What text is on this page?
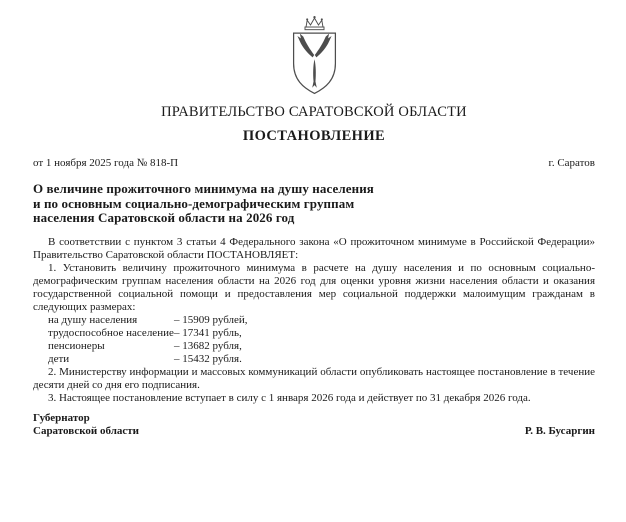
ПРАВИТЕЛЬСТВО САРАТОВСКОЙ ОБЛАСТИ
ПОСТАНОВЛЕНИЕ
от 1 ноября 2025 года № 818-П	г. Саратов
О величине прожиточного минимума на душу населения
и по основным социально-демографическим группам
населения Саратовской области на 2026 год

В соответствии с пунктом 3 статьи 4 Федерального закона «О прожиточном минимуме в Российской Федерации» Правительство Саратовской области ПОСТАНОВЛЯЕТ:

1. Установить величину прожиточного минимума в расчете на душу населения и по основным социально-демографическим группам населения области на 2026 год для оценки уровня жизни населения области и оказания государственной социальной помощи и предоставления мер социальной поддержки малоимущим гражданам в следующих размерах:

на душу населения	– 15909 рублей,
трудоспособное население– 17341 рубль,
пенсионеры	– 13682 рубля,
дети	– 15432 рубля.

2. Министерству информации и массовых коммуникаций области опубликовать настоящее постановление в течение десяти дней со дня его подписания.

3. Настоящее постановление вступает в силу с 1 января 2026 года и действует по 31 декабря 2026 года.

Губернатор
Саратовской области	Р. В. Бусаргин
